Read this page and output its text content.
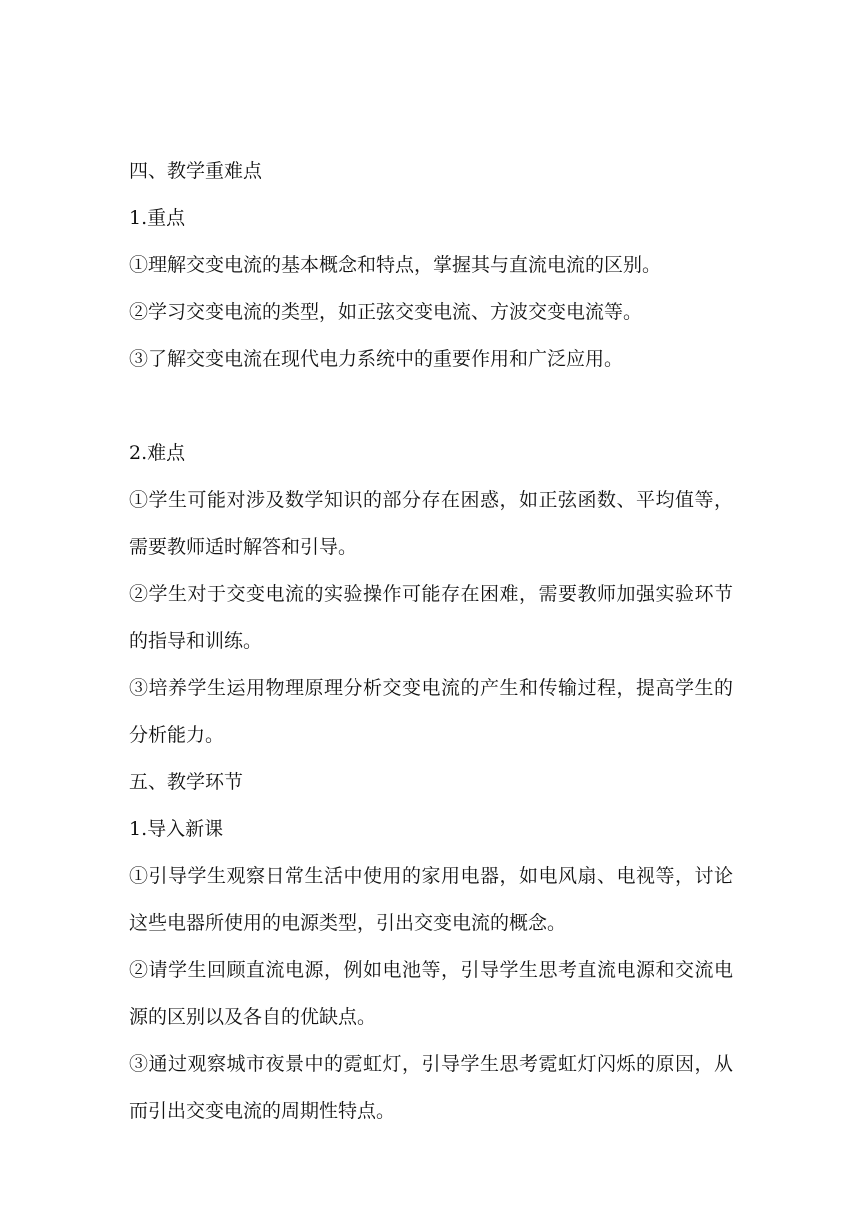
四、教学重难点

1.重点

①理解交变电流的基本概念和特点，掌握其与直流电流的区别。

②学习交变电流的类型，如正弦交变电流、方波交变电流等。

③了解交变电流在现代电力系统中的重要作用和广泛应用。

2.难点

①学生可能对涉及数学知识的部分存在困惑，如正弦函数、平均值等，需要教师适时解答和引导。

②学生对于交变电流的实验操作可能存在困难，需要教师加强实验环节的指导和训练。

③培养学生运用物理原理分析交变电流的产生和传输过程，提高学生的分析能力。

五、教学环节

1.导入新课

①引导学生观察日常生活中使用的家用电器，如电风扇、电视等，讨论这些电器所使用的电源类型，引出交变电流的概念。

②请学生回顾直流电源，例如电池等，引导学生思考直流电源和交流电源的区别以及各自的优缺点。

③通过观察城市夜景中的霓虹灯，引导学生思考霓虹灯闪烁的原因，从而引出交变电流的周期性特点。
